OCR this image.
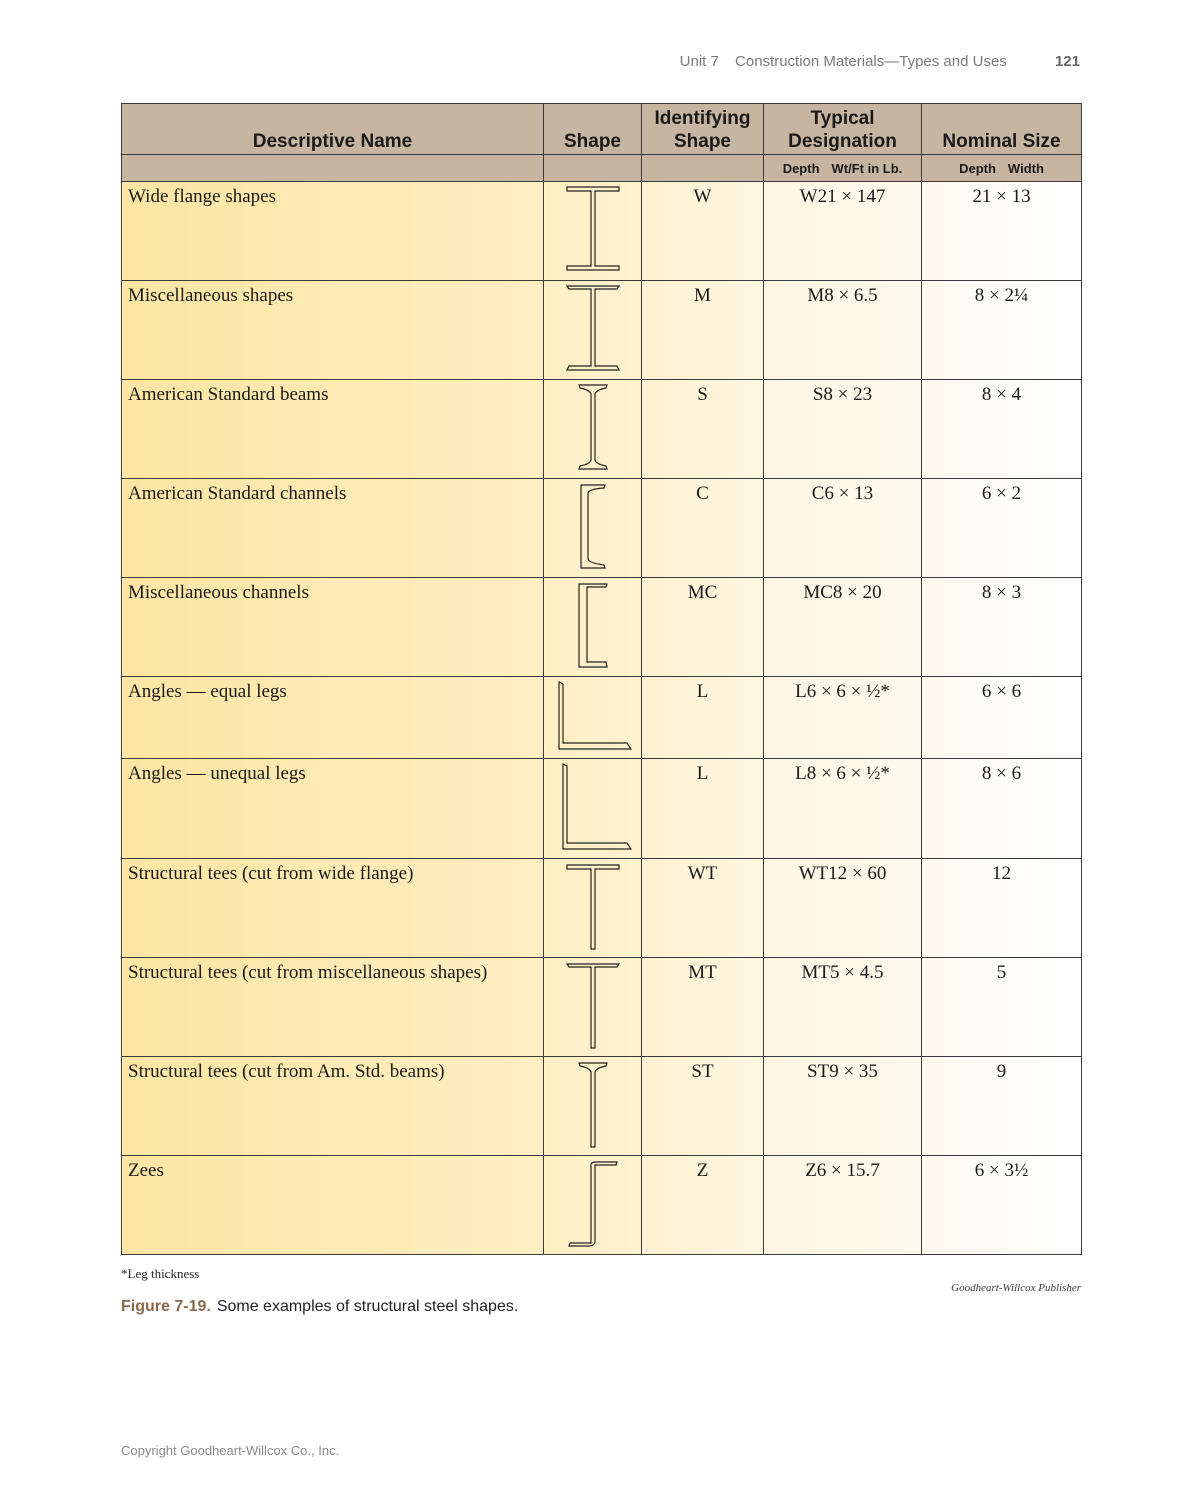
Unit 7 Construction Materials—Types and Uses	121
Descriptive Name	Shape	Identifying Shape	Typical Designation	Nominal Size
			Depth Wt/Ft in Lb.	Depth Width
Wide flange shapes		W	W21 × 147	21 × 13
Miscellaneous shapes		M	M8 × 6.5	8 × 2¼
American Standard beams		S	S8 × 23	8 × 4
American Standard channels		C	C6 × 13	6 × 2
Miscellaneous channels		MC	MC8 × 20	8 × 3
Angles — equal legs		L	L6 × 6 × ½*	6 × 6
Angles — unequal legs		L	L8 × 6 × ½*	8 × 6
Structural tees (cut from wide flange)		WT	WT12 × 60	12
Structural tees (cut from miscellaneous shapes)		MT	MT5 × 4.5	5
Structural tees (cut from Am. Std. beams)		ST	ST9 × 35	9
Zees		Z	Z6 × 15.7	6 × 3½
*Leg thickness
Goodheart-Willcox Publisher
Figure 7-19. Some examples of structural steel shapes.
Copyright Goodheart-Willcox Co., Inc.
